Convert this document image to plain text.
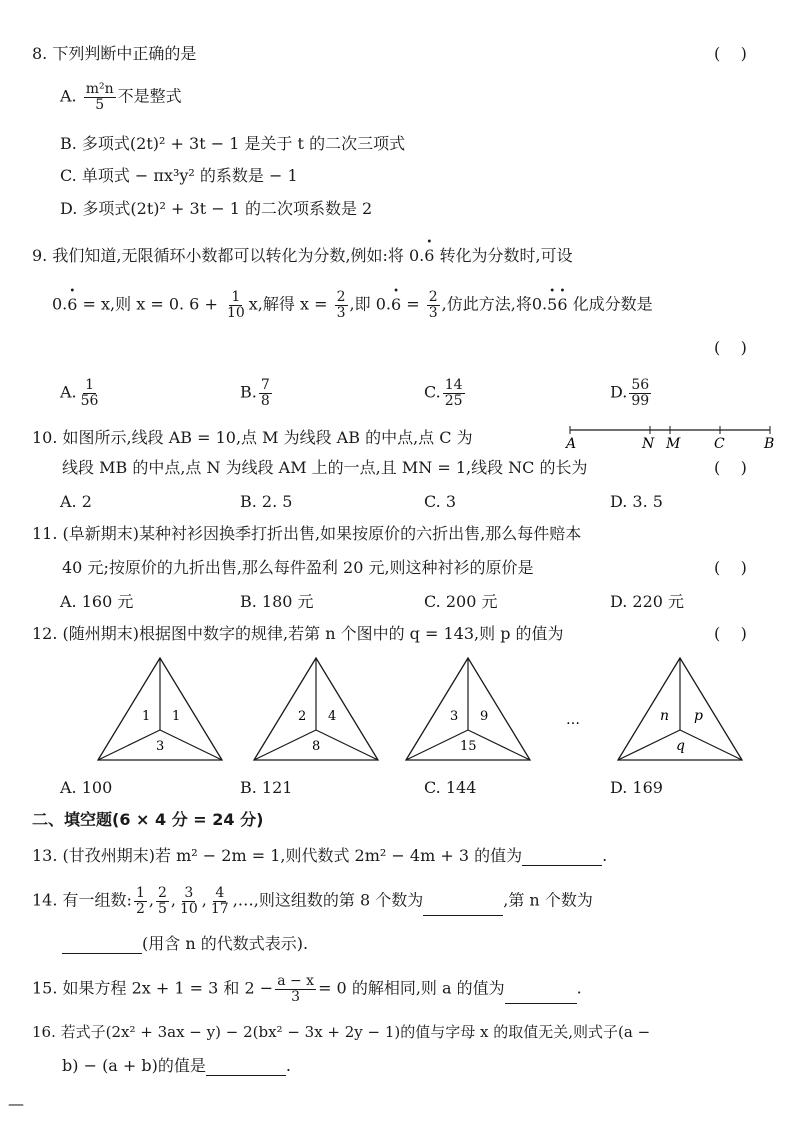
8. 下列判断中正确的是	(    )
A. $\frac{\text{m²n}}{5}$ 不是整式
B. 多项式(2t)² + 3t − 1 是关于 t 的二次三项式
C. 单项式 − πx³y² 的系数是 − 1
D. 多项式(2t)² + 3t − 1 的二次项系数是 2
9. 我们知道,无限循环小数都可以转化为分数,例如:将 0.• 6 转化为分数时,可设
0.• 6 = x,则 x = 0. $6 + \frac{1}{10} x$,解得 $x = \frac{2}{3}$ ,即 0.• $6 = \frac{2}{3}$ ,仿此方法,将0.• 5• 6 化成分数是
(    )
A. $\frac{1}{56}$	B. $\frac{7}{8}$	C. $\frac{14}{25}$	D. $\frac{56}{99}$
10. 如图所示,线段 AB = 10,点 M 为线段 AB 的中点,点 C 为	A	N M C	B
线段 MB 的中点,点 N 为线段 AM 上的一点,且 MN = 1,线段 NC 的长为	(    )
A. 2	B. 2. 5	C. 3	D. 3. 5
11. (阜新期末)某种衬衫因换季打折出售,如果按原价的六折出售,那么每件赔本
40 元;按原价的九折出售,那么每件盈利 20 元,则这种衬衫的原价是	(    )
A. 160 元	B. 180 元	C. 200 元	D. 220 元
12. (随州期末)根据图中数字的规律,若第 n 个图中的 q = 143,则 p 的值为	(    )
1 1
3
2 4
8
3 9
15
…	n p
q
A. 100	B. 121	C. 144	D. 169
二、填空题(6 × 4 分 = 24 分)
13. (甘孜州期末)若 m² − 2m = 1,则代数式 2m² − 4m + 3 的值为	.
14. 有一组数: $\frac{1}{2}$ , $\frac{2}{5}$ , $\frac{3}{10}$ , $\frac{4}{17}$ ,…,则这组数的第 8 个数为	,第 n 个数为
(用含 n 的代数式表示).
15. 如果方程 2x + 1 = 3 和 $2 - \frac{a - x}{3} = 0$ 的解相同,则 a 的值为	.
16. 若式子(2x² + 3ax − y) − 2(bx² − 3x + 2y − 1)的值与字母 x 的取值无关,则式子(a −
b) − (a + b)的值是	.
—
